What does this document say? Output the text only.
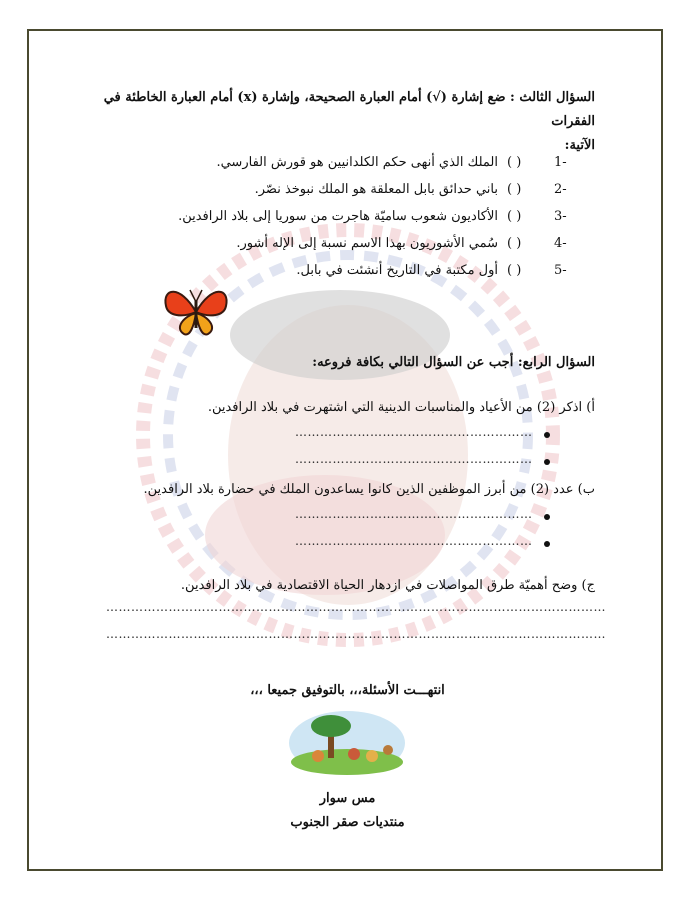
السؤال الثالث : ضع إشارة (√) أمام العبارة الصحيحة، وإشارة (x) أمام العبارة الخاطئة في الفقرات
الآتية:
1-
( )
الملك الذي أنهى حكم الكلدانيين هو قورش الفارسي.
2-
( )
باني حدائق بابل المعلقة هو الملك نبوخذ نصّر.
3-
( )
الأكاديون شعوب ساميّة هاجرت من سوريا إلى بلاد الرافدين.
4-
( )
سُمي الأشوريون بهذا الاسم نسبة إلى الإله أشور.
5-
( )
أول مكتبة في التاريخ أنشئت في بابل.
السؤال الرابع: أجب عن السؤال التالي بكافة فروعه:
أ) اذكر (2) من الأعياد والمناسبات الدينية التي اشتهرت في بلاد الرافدين.
…………………………………………………
…………………………………………………
ب) عدد (2) من أبرز الموظفين الذين كانوا يساعدون الملك في حضارة بلاد الرافدين.
…………………………………………………
…………………………………………………
ج) وضح أهميّة طرق المواصلات في ازدهار الحياة الاقتصادية في بلاد الرافدين.
…………………………………………………………………………………………………………
…………………………………………………………………………………………………………
انتهـــت الأسئلة،،، بالتوفيق جميعا ،،،
مس سوار
منتديات صقر الجنوب
